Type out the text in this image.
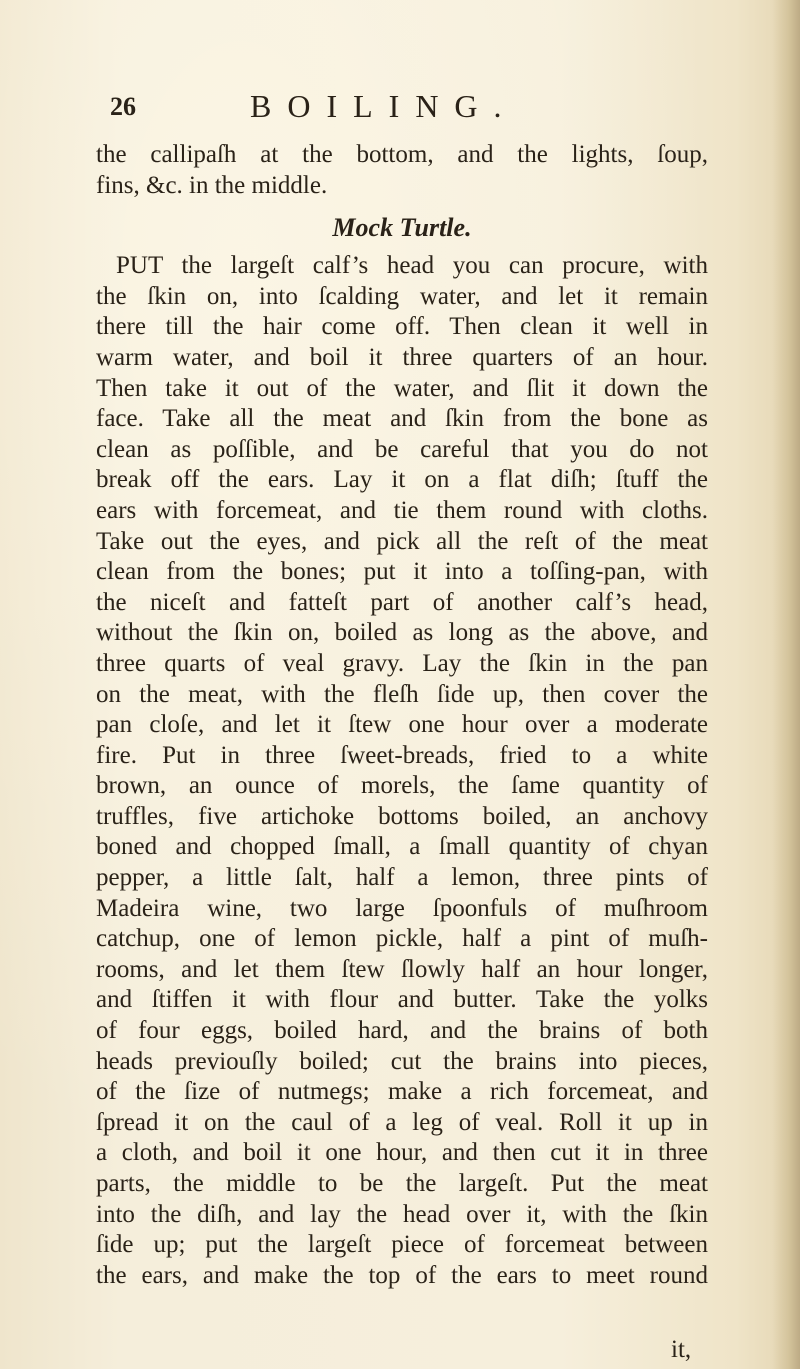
26	BOILING.
the callipaſh at the bottom, and the lights, ſoup,
fins, &c. in the middle.
Mock Turtle.
PUT the largeſt calf’s head you can procure, with
the ſkin on, into ſcalding water, and let it remain
there till the hair come off. Then clean it well in
warm water, and boil it three quarters of an hour.
Then take it out of the water, and ſlit it down the
face. Take all the meat and ſkin from the bone as
clean as poſſible, and be careful that you do not
break off the ears. Lay it on a flat diſh; ſtuff the
ears with forcemeat, and tie them round with cloths.
Take out the eyes, and pick all the reſt of the meat
clean from the bones; put it into a toſſing-pan, with
the niceſt and fatteſt part of another calf’s head,
without the ſkin on, boiled as long as the above, and
three quarts of veal gravy. Lay the ſkin in the pan
on the meat, with the fleſh ſide up, then cover the
pan cloſe, and let it ſtew one hour over a moderate
fire. Put in three ſweet-breads, fried to a white
brown, an ounce of morels, the ſame quantity of
truffles, five artichoke bottoms boiled, an anchovy
boned and chopped ſmall, a ſmall quantity of chyan
pepper, a little ſalt, half a lemon, three pints of
Madeira wine, two large ſpoonfuls of muſhroom
catchup, one of lemon pickle, half a pint of muſh-
rooms, and let them ſtew ſlowly half an hour longer,
and ſtiffen it with flour and butter. Take the yolks
of four eggs, boiled hard, and the brains of both
heads previouſly boiled; cut the brains into pieces,
of the ſize of nutmegs; make a rich forcemeat, and
ſpread it on the caul of a leg of veal. Roll it up in
a cloth, and boil it one hour, and then cut it in three
parts, the middle to be the largeſt. Put the meat
into the diſh, and lay the head over it, with the ſkin
ſide up; put the largeſt piece of forcemeat between
the ears, and make the top of the ears to meet round
it,
